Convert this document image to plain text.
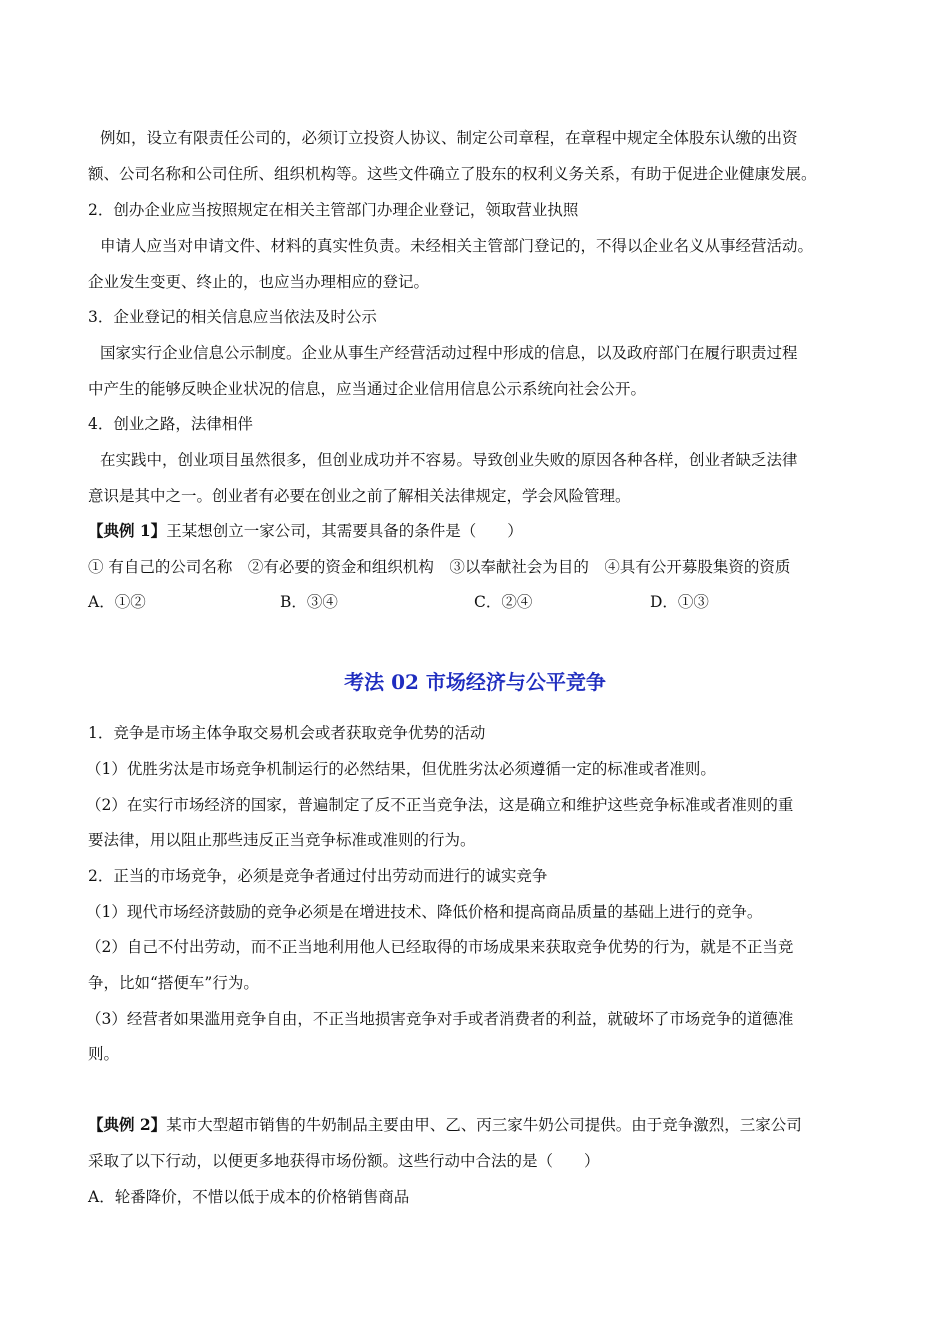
例如，设立有限责任公司的，必须订立投资人协议、制定公司章程，在章程中规定全体股东认缴的出资
额、公司名称和公司住所、组织机构等。这些文件确立了股东的权利义务关系，有助于促进企业健康发展。
2．创办企业应当按照规定在相关主管部门办理企业登记，领取营业执照
申请人应当对申请文件、材料的真实性负责。未经相关主管部门登记的，不得以企业名义从事经营活动。
企业发生变更、终止的，也应当办理相应的登记。
3．企业登记的相关信息应当依法及时公示
国家实行企业信息公示制度。企业从事生产经营活动过程中形成的信息，以及政府部门在履行职责过程
中产生的能够反映企业状况的信息，应当通过企业信用信息公示系统向社会公开。
4．创业之路，法律相伴
在实践中，创业项目虽然很多，但创业成功并不容易。导致创业失败的原因各种各样，创业者缺乏法律
意识是其中之一。创业者有必要在创业之前了解相关法律规定，学会风险管理。
【典例 1】王某想创立一家公司，其需要具备的条件是（　　）
① 有自己的公司名称　②有必要的资金和组织机构　③以奉献社会为目的　④具有公开募股集资的资质
A．①②	B．③④	C．②④	D．①③
考法 02 市场经济与公平竞争
1．竞争是市场主体争取交易机会或者获取竞争优势的活动
（1）优胜劣汰是市场竞争机制运行的必然结果，但优胜劣汰必须遵循一定的标准或者准则。
（2）在实行市场经济的国家，普遍制定了反不正当竞争法，这是确立和维护这些竞争标准或者准则的重
要法律，用以阻止那些违反正当竞争标准或准则的行为。
2．正当的市场竞争，必须是竞争者通过付出劳动而进行的诚实竞争
（1）现代市场经济鼓励的竞争必须是在增进技术、降低价格和提高商品质量的基础上进行的竞争。
（2）自己不付出劳动，而不正当地利用他人已经取得的市场成果来获取竞争优势的行为，就是不正当竞
争，比如“搭便车”行为。
（3）经营者如果滥用竞争自由，不正当地损害竞争对手或者消费者的利益，就破坏了市场竞争的道德准
则。
【典例 2】某市大型超市销售的牛奶制品主要由甲、乙、丙三家牛奶公司提供。由于竞争激烈，三家公司
采取了以下行动，以便更多地获得市场份额。这些行动中合法的是（　　）
A．轮番降价，不惜以低于成本的价格销售商品
